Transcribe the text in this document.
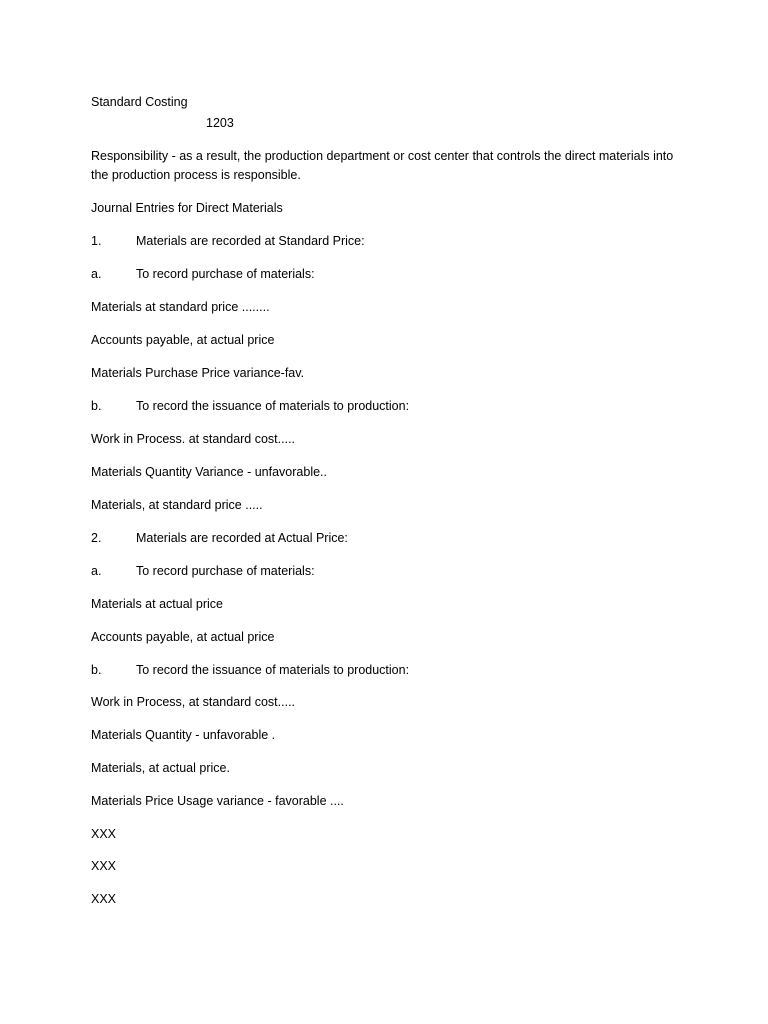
Standard Costing
1203
Responsibility - as a result, the production department or cost center that controls the direct materials into the production process is responsible.
Journal Entries for Direct Materials
1.	Materials are recorded at Standard Price:
a.	To record purchase of materials:
Materials at standard price ........
Accounts payable, at actual price
Materials Purchase Price variance-fav.
b.	To record the issuance of materials to production:
Work in Process. at standard cost.....
Materials Quantity Variance - unfavorable..
Materials, at standard price .....
2.	Materials are recorded at Actual Price:
a.	To record purchase of materials:
Materials at actual price
Accounts payable, at actual price
b.	To record the issuance of materials to production:
Work in Process, at standard cost.....
Materials Quantity - unfavorable .
Materials, at actual price.
Materials Price Usage variance - favorable ....
XXX
XXX
XXX
